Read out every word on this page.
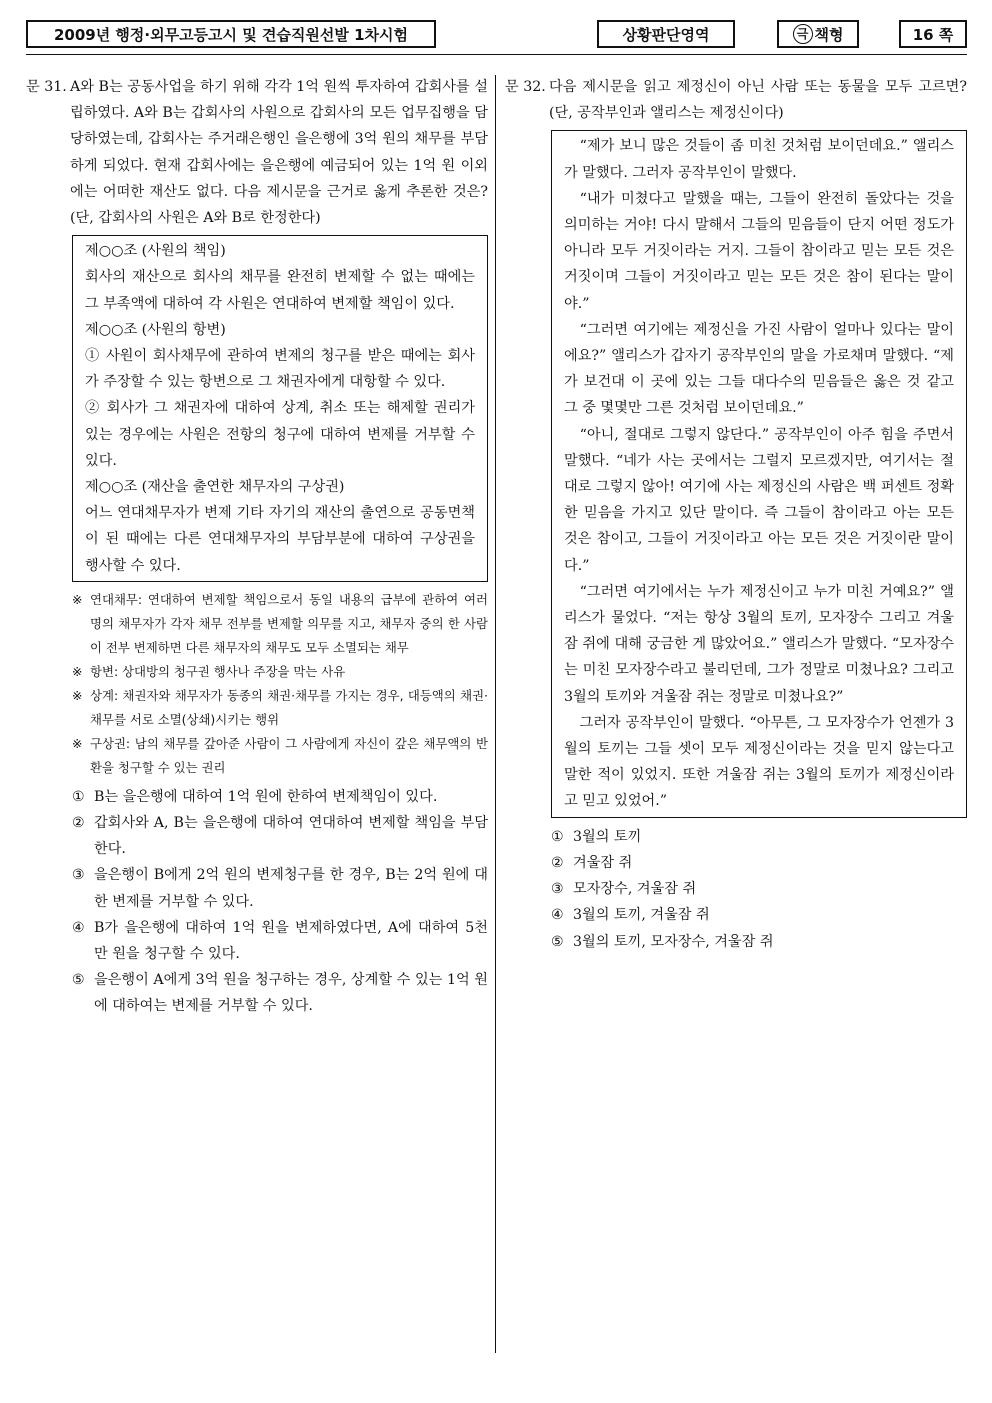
2009년 행정·외무고등고시 및 견습직원선발 1차시험	상황판단영역	극 책형	16 쪽
문 31. A와 B는 공동사업을 하기 위해 각각 1억 원씩 투자하여 갑회사를 설립하였다. A와 B는 갑회사의 사원으로 갑회사의 모든 업무집행을 담당하였는데, 갑회사는 주거래은행인 을은행에 3억 원의 채무를 부담하게 되었다. 현재 갑회사에는 을은행에 예금되어 있는 1억 원 이외에는 어떠한 재산도 없다. 다음 제시문을 근거로 옳게 추론한 것은? (단, 갑회사의 사원은 A와 B로 한정한다)

제○○조 (사원의 책임)

회사의 재산으로 회사의 채무를 완전히 변제할 수 없는 때에는 그 부족액에 대하여 각 사원은 연대하여 변제할 책임이 있다.

제○○조 (사원의 항변)

① 사원이 회사채무에 관하여 변제의 청구를 받은 때에는 회사가 주장할 수 있는 항변으로 그 채권자에게 대항할 수 있다.

② 회사가 그 채권자에 대하여 상계, 취소 또는 해제할 권리가 있는 경우에는 사원은 전항의 청구에 대하여 변제를 거부할 수 있다.

제○○조 (재산을 출연한 채무자의 구상권)

어느 연대채무자가 변제 기타 자기의 재산의 출연으로 공동면책이 된 때에는 다른 연대채무자의 부담부분에 대하여 구상권을 행사할 수 있다.

※ 연대채무: 연대하여 변제할 책임으로서 동일 내용의 급부에 관하여 여러 명의 채무자가 각자 채무 전부를 변제할 의무를 지고, 채무자 중의 한 사람이 전부 변제하면 다른 채무자의 채무도 모두 소멸되는 채무
※ 항변: 상대방의 청구권 행사나 주장을 막는 사유
※ 상계: 채권자와 채무자가 동종의 채권·채무를 가지는 경우, 대등액의 채권·채무를 서로 소멸(상쇄)시키는 행위
※ 구상권: 남의 채무를 갚아준 사람이 그 사람에게 자신이 갚은 채무액의 반환을 청구할 수 있는 권리
① B는 을은행에 대하여 1억 원에 한하여 변제책임이 있다.
② 갑회사와 A, B는 을은행에 대하여 연대하여 변제할 책임을 부담한다.
③ 을은행이 B에게 2억 원의 변제청구를 한 경우, B는 2억 원에 대한 변제를 거부할 수 있다.
④ B가 을은행에 대하여 1억 원을 변제하였다면, A에 대하여 5천만 원을 청구할 수 있다.
⑤ 을은행이 A에게 3억 원을 청구하는 경우, 상계할 수 있는 1억 원에 대하여는 변제를 거부할 수 있다.
문 32. 다음 제시문을 읽고 제정신이 아닌 사람 또는 동물을 모두 고르면? (단, 공작부인과 앨리스는 제정신이다)

“제가 보니 많은 것들이 좀 미친 것처럼 보이던데요.” 앨리스가 말했다. 그러자 공작부인이 말했다.

“내가 미쳤다고 말했을 때는, 그들이 완전히 돌았다는 것을 의미하는 거야! 다시 말해서 그들의 믿음들이 단지 어떤 정도가 아니라 모두 거짓이라는 거지. 그들이 참이라고 믿는 모든 것은 거짓이며 그들이 거짓이라고 믿는 모든 것은 참이 된다는 말이야.”

“그러면 여기에는 제정신을 가진 사람이 얼마나 있다는 말이에요?” 앨리스가 갑자기 공작부인의 말을 가로채며 말했다. “제가 보건대 이 곳에 있는 그들 대다수의 믿음들은 옳은 것 같고 그 중 몇몇만 그른 것처럼 보이던데요.”

“아니, 절대로 그렇지 않단다.” 공작부인이 아주 힘을 주면서 말했다. “네가 사는 곳에서는 그럴지 모르겠지만, 여기서는 절대로 그렇지 않아! 여기에 사는 제정신의 사람은 백 퍼센트 정확한 믿음을 가지고 있단 말이다. 즉 그들이 참이라고 아는 모든 것은 참이고, 그들이 거짓이라고 아는 모든 것은 거짓이란 말이다.”

“그러면 여기에서는 누가 제정신이고 누가 미친 거예요?” 앨리스가 물었다. “저는 항상 3월의 토끼, 모자장수 그리고 겨울잠 쥐에 대해 궁금한 게 많았어요.” 앨리스가 말했다. “모자장수는 미친 모자장수라고 불리던데, 그가 정말로 미쳤나요? 그리고 3월의 토끼와 겨울잠 쥐는 정말로 미쳤나요?”

그러자 공작부인이 말했다. “아무튼, 그 모자장수가 언젠가 3월의 토끼는 그들 셋이 모두 제정신이라는 것을 믿지 않는다고 말한 적이 있었지. 또한 겨울잠 쥐는 3월의 토끼가 제정신이라고 믿고 있었어.”

① 3월의 토끼
② 겨울잠 쥐
③ 모자장수, 겨울잠 쥐
④ 3월의 토끼, 겨울잠 쥐
⑤ 3월의 토끼, 모자장수, 겨울잠 쥐
